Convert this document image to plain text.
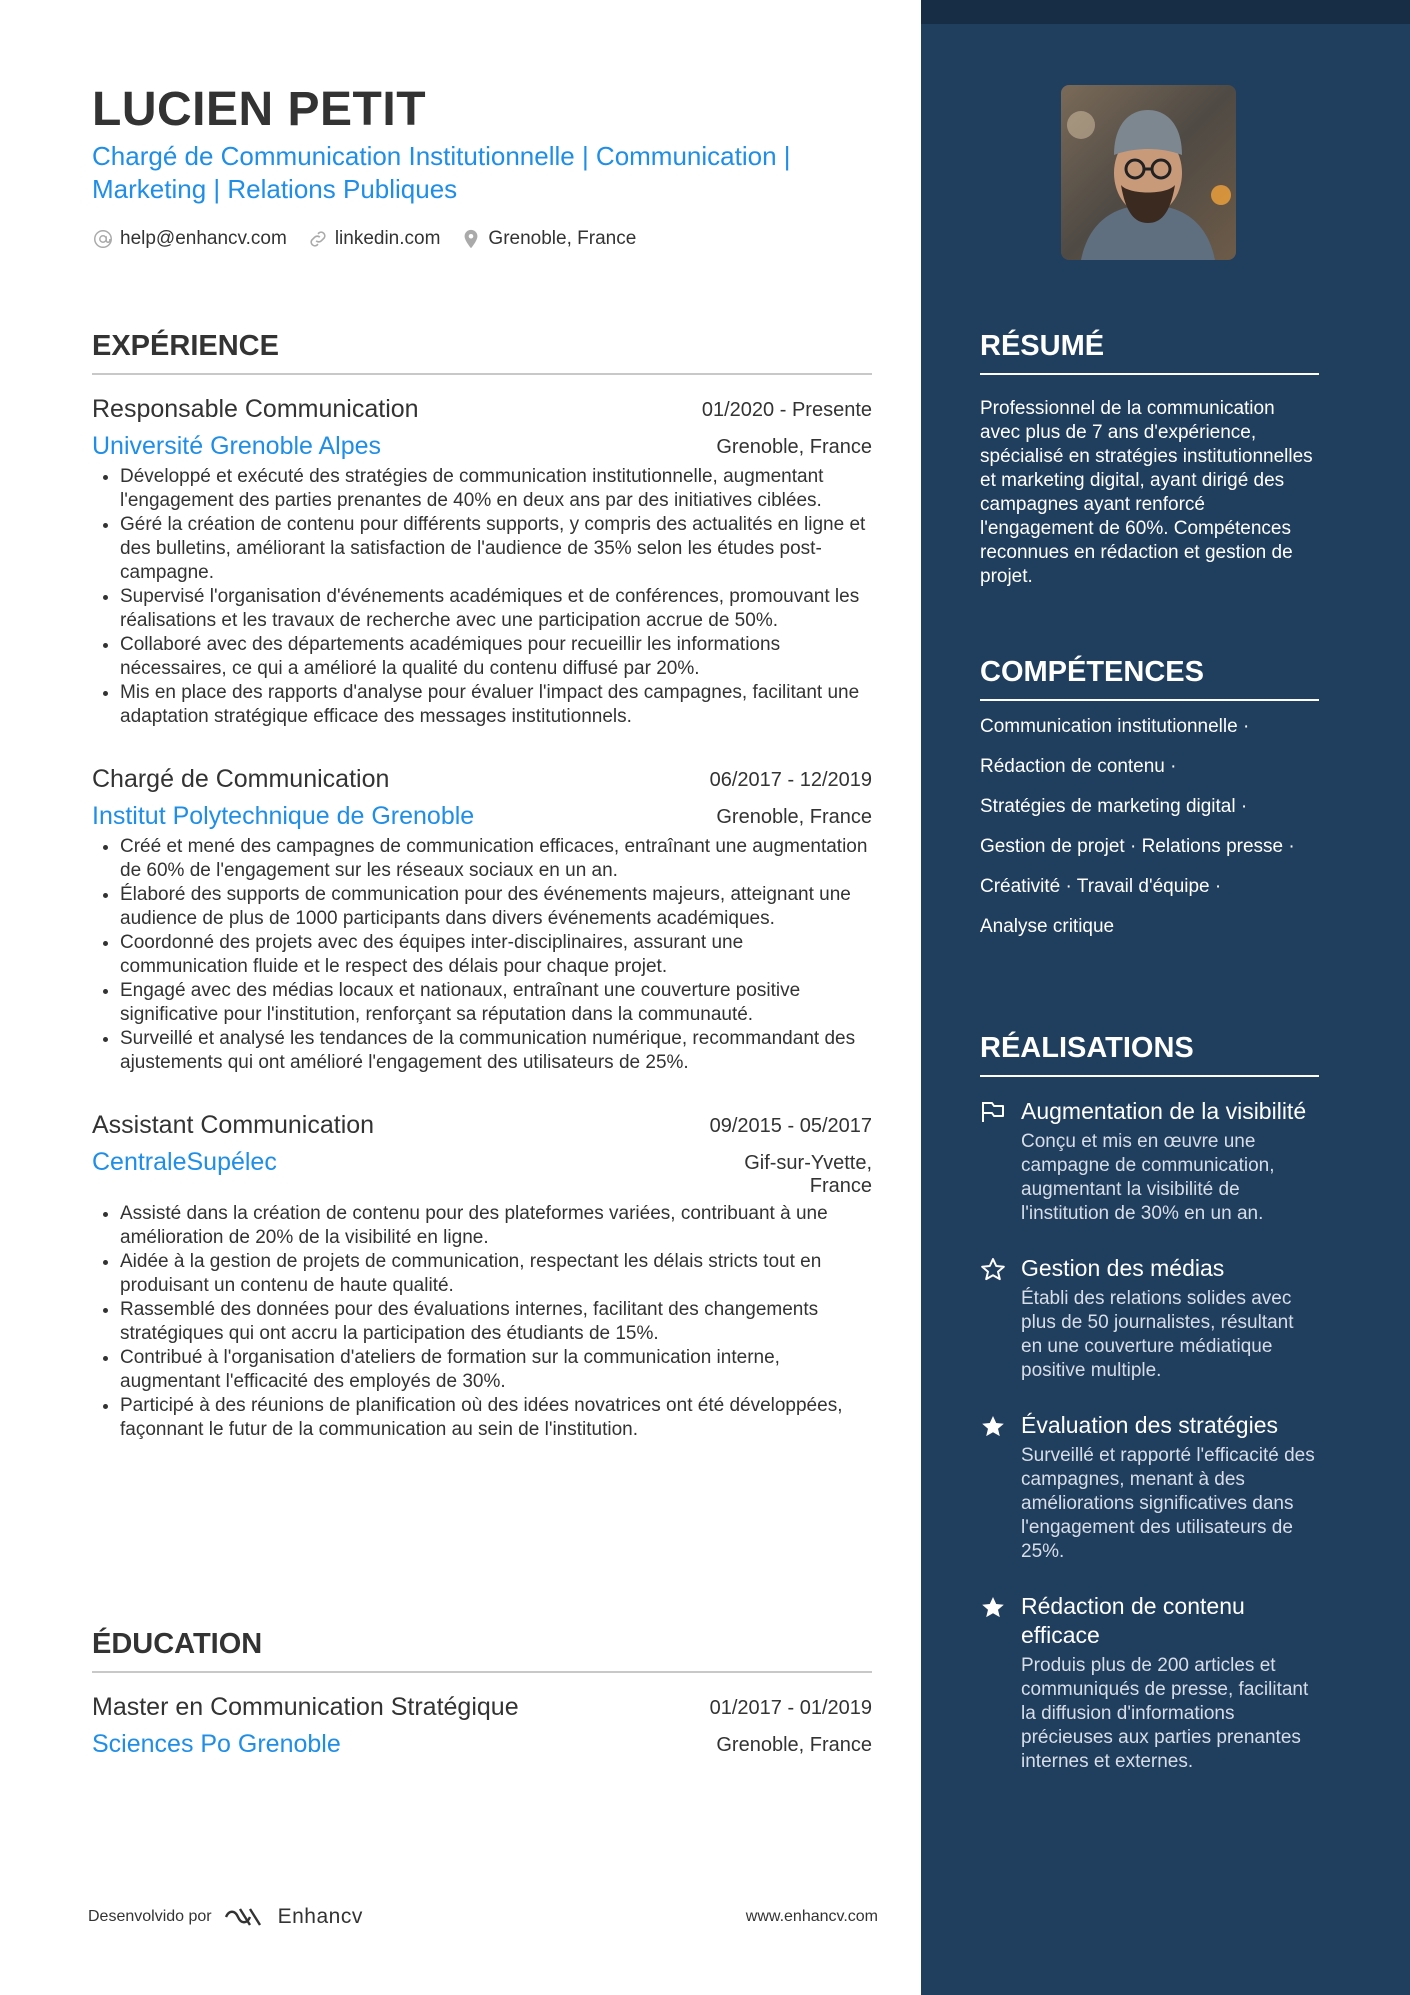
LUCIEN PETIT
Chargé de Communication Institutionnelle | Communication | Marketing | Relations Publiques
help@enhancv.com	linkedin.com	Grenoble, France
EXPÉRIENCE
Responsable Communication	01/2020 - Presente
Université Grenoble Alpes	Grenoble, France
• Développé et exécuté des stratégies de communication institutionnelle, augmentant l'engagement des parties prenantes de 40% en deux ans par des initiatives ciblées.
• Géré la création de contenu pour différents supports, y compris des actualités en ligne et des bulletins, améliorant la satisfaction de l'audience de 35% selon les études post-campagne.
• Supervisé l'organisation d'événements académiques et de conférences, promouvant les réalisations et les travaux de recherche avec une participation accrue de 50%.
• Collaboré avec des départements académiques pour recueillir les informations nécessaires, ce qui a amélioré la qualité du contenu diffusé par 20%.
• Mis en place des rapports d'analyse pour évaluer l'impact des campagnes, facilitant une adaptation stratégique efficace des messages institutionnels.
Chargé de Communication	06/2017 - 12/2019
Institut Polytechnique de Grenoble	Grenoble, France
• Créé et mené des campagnes de communication efficaces, entraînant une augmentation de 60% de l'engagement sur les réseaux sociaux en un an.
• Élaboré des supports de communication pour des événements majeurs, atteignant une audience de plus de 1000 participants dans divers événements académiques.
• Coordonné des projets avec des équipes inter-disciplinaires, assurant une communication fluide et le respect des délais pour chaque projet.
• Engagé avec des médias locaux et nationaux, entraînant une couverture positive significative pour l'institution, renforçant sa réputation dans la communauté.
• Surveillé et analysé les tendances de la communication numérique, recommandant des ajustements qui ont amélioré l'engagement des utilisateurs de 25%.
Assistant Communication	09/2015 - 05/2017
CentraleSupélec	Gif-sur-Yvette,
France
• Assisté dans la création de contenu pour des plateformes variées, contribuant à une amélioration de 20% de la visibilité en ligne.
• Aidée à la gestion de projets de communication, respectant les délais stricts tout en produisant un contenu de haute qualité.
• Rassemblé des données pour des évaluations internes, facilitant des changements stratégiques qui ont accru la participation des étudiants de 15%.
• Contribué à l'organisation d'ateliers de formation sur la communication interne, augmentant l'efficacité des employés de 30%.
• Participé à des réunions de planification où des idées novatrices ont été développées, façonnant le futur de la communication au sein de l'institution.
ÉDUCATION
Master en Communication Stratégique	01/2017 - 01/2019
Sciences Po Grenoble	Grenoble, France
Desenvolvido por	Enhancv	www.enhancv.com
RÉSUMÉ
Professionnel de la communication avec plus de 7 ans d'expérience, spécialisé en stratégies institutionnelles et marketing digital, ayant dirigé des campagnes ayant renforcé l'engagement de 60%. Compétences reconnues en rédaction et gestion de projet.
COMPÉTENCES
Communication institutionnelle ·
Rédaction de contenu ·
Stratégies de marketing digital ·
Gestion de projet · Relations presse ·
Créativité · Travail d'équipe ·
Analyse critique
RÉALISATIONS
Augmentation de la visibilité
Conçu et mis en œuvre une campagne de communication, augmentant la visibilité de l'institution de 30% en un an.
Gestion des médias
Établi des relations solides avec plus de 50 journalistes, résultant en une couverture médiatique positive multiple.
Évaluation des stratégies
Surveillé et rapporté l'efficacité des campagnes, menant à des améliorations significatives dans l'engagement des utilisateurs de 25%.
Rédaction de contenu efficace
Produis plus de 200 articles et communiqués de presse, facilitant la diffusion d'informations précieuses aux parties prenantes internes et externes.
